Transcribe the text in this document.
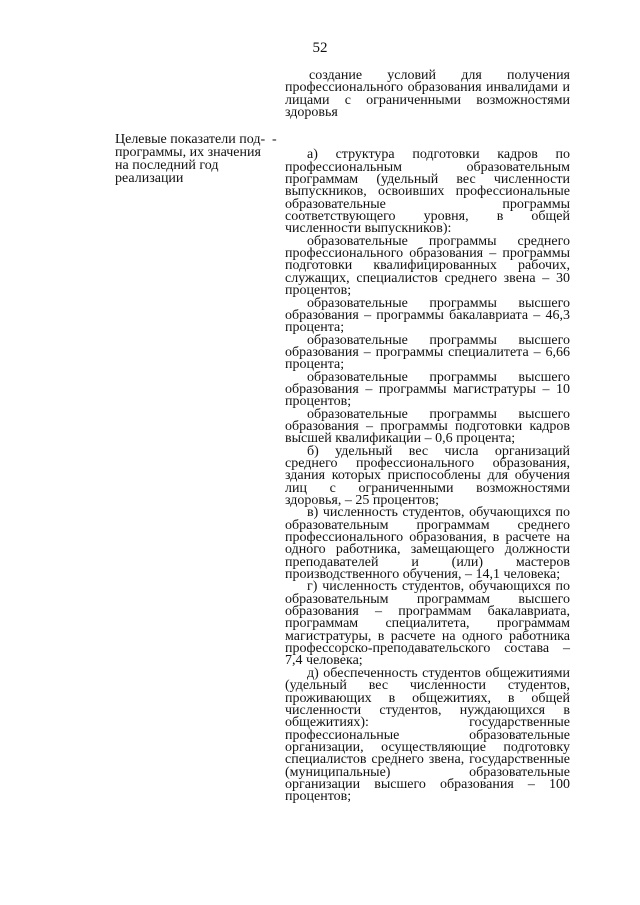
52
Целевые показатели под-программы, их значения на последний год реализации
-

создание условий для получения профессионального образования инвалидами и лицами с ограниченными возможностями здоровья

а) структура подготовки кадров по профессиональным образовательным программам (удельный вес численности выпускников, освоивших профессиональные образовательные программы соответствующего уровня, в общей численности выпускников):

образовательные программы среднего профессионального образования – программы подготовки квалифицированных рабочих, служащих, специалистов среднего звена – 30 процентов;

образовательные программы высшего образования – программы бакалавриата – 46,3 процента;

образовательные программы высшего образования – программы специалитета – 6,66 процента;

образовательные программы высшего образования – программы магистратуры – 10 процентов;

образовательные программы высшего образования – программы подготовки кадров высшей квалификации – 0,6 процента;

б) удельный вес числа организаций среднего профессионального образования, здания которых приспособлены для обучения лиц с ограниченными возможностями здоровья, – 25 процентов;

в) численность студентов, обучающихся по образовательным программам среднего профессионального образования, в расчете на одного работника, замещающего должности преподавателей и (или) мастеров производственного обучения, – 14,1 человека;

г) численность студентов, обучающихся по образовательным программам высшего образования – программам бакалавриата, программам специалитета, программам магистратуры, в расчете на одного работника профессорско-преподавательского состава – 7,4 человека;

д) обеспеченность студентов общежитиями (удельный вес численности студентов, проживающих в общежитиях, в общей численности студентов, нуждающихся в общежитиях): государственные профессиональные образовательные организации, осуществляющие подготовку специалистов среднего звена, государственные (муниципальные) образовательные организации высшего образования – 100 процентов;
